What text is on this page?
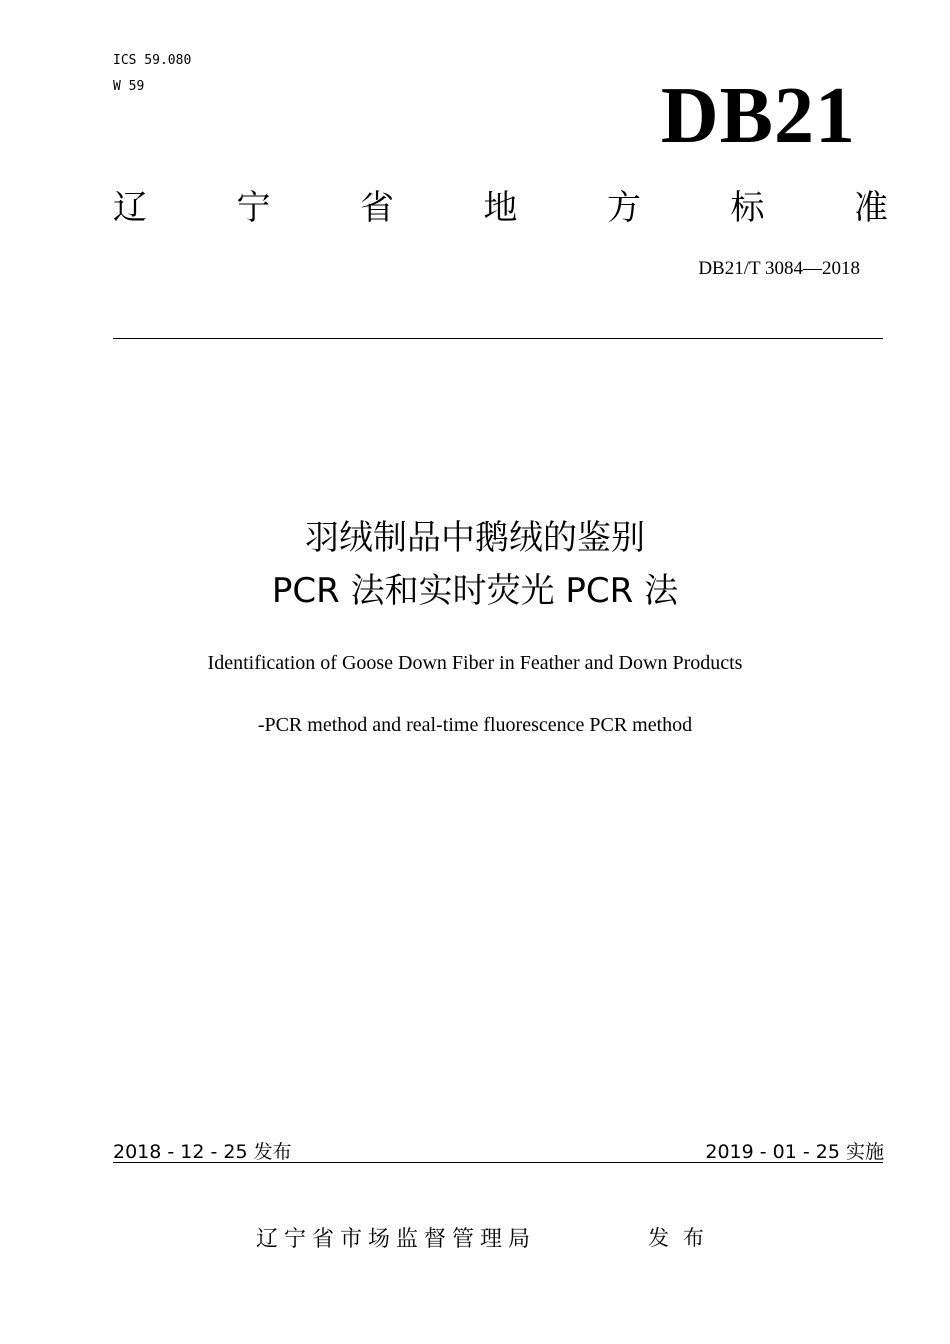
ICS 59.080
W 59	DB21
辽	宁	省	地	方	标	准
DB21/T 3084—2018
羽绒制品中鹅绒的鉴别
PCR 法和实时荧光 PCR 法
Identification of Goose Down Fiber in Feather and Down Products
-PCR method and real-time fluorescence PCR method
2018 - 12 - 25 发布	2019 - 01 - 25 实施
辽宁省市场监督管理局	发布
